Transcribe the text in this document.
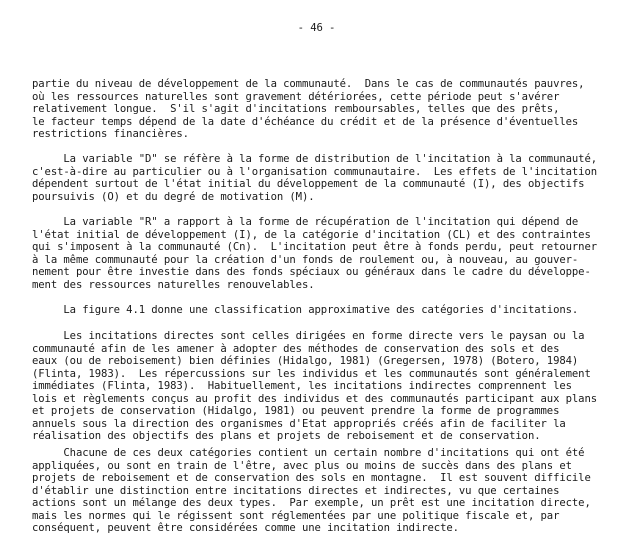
- 46 -
partie du niveau de développement de la communauté.  Dans le cas de communautés pauvres,
où les ressources naturelles sont gravement détériorées, cette période peut s'avérer
relativement longue.  S'il s'agit d'incitations remboursables, telles que des prêts,
le facteur temps dépend de la date d'échéance du crédit et de la présence d'éventuelles
restrictions financières.
La variable "D" se réfère à la forme de distribution de l'incitation à la communauté,
c'est-à-dire au particulier ou à l'organisation communautaire.  Les effets de l'incitation
dépendent surtout de l'état initial du développement de la communauté (I), des objectifs
poursuivis (O) et du degré de motivation (M).
La variable "R" a rapport à la forme de récupération de l'incitation qui dépend de
l'état initial de développement (I), de la catégorie d'incitation (CL) et des contraintes
qui s'imposent à la communauté (Cn).  L'incitation peut être à fonds perdu, peut retourner
à la même communauté pour la création d'un fonds de roulement ou, à nouveau, au gouver-
nement pour être investie dans des fonds spéciaux ou généraux dans le cadre du développe-
ment des ressources naturelles renouvelables.
La figure 4.1 donne une classification approximative des catégories d'incitations.
Les incitations directes sont celles dirigées en forme directe vers le paysan ou la
communauté afin de les amener à adopter des méthodes de conservation des sols et des
eaux (ou de reboisement) bien définies (Hidalgo, 1981) (Gregersen, 1978) (Botero, 1984)
(Flinta, 1983).  Les répercussions sur les individus et les communautés sont généralement
immédiates (Flinta, 1983).  Habituellement, les incitations indirectes comprennent les
lois et règlements conçus au profit des individus et des communautés participant aux plans
et projets de conservation (Hidalgo, 1981) ou peuvent prendre la forme de programmes
annuels sous la direction des organismes d'Etat appropriés créés afin de faciliter la
réalisation des objectifs des plans et projets de reboisement et de conservation.
Chacune de ces deux catégories contient un certain nombre d'incitations qui ont été
appliquées, ou sont en train de l'être, avec plus ou moins de succès dans des plans et
projets de reboisement et de conservation des sols en montagne.  Il est souvent difficile
d'établir une distinction entre incitations directes et indirectes, vu que certaines
actions sont un mélange des deux types.  Par exemple, un prêt est une incitation directe,
mais les normes qui le régissent sont réglementées par une politique fiscale et, par
conséquent, peuvent être considérées comme une incitation indirecte.
